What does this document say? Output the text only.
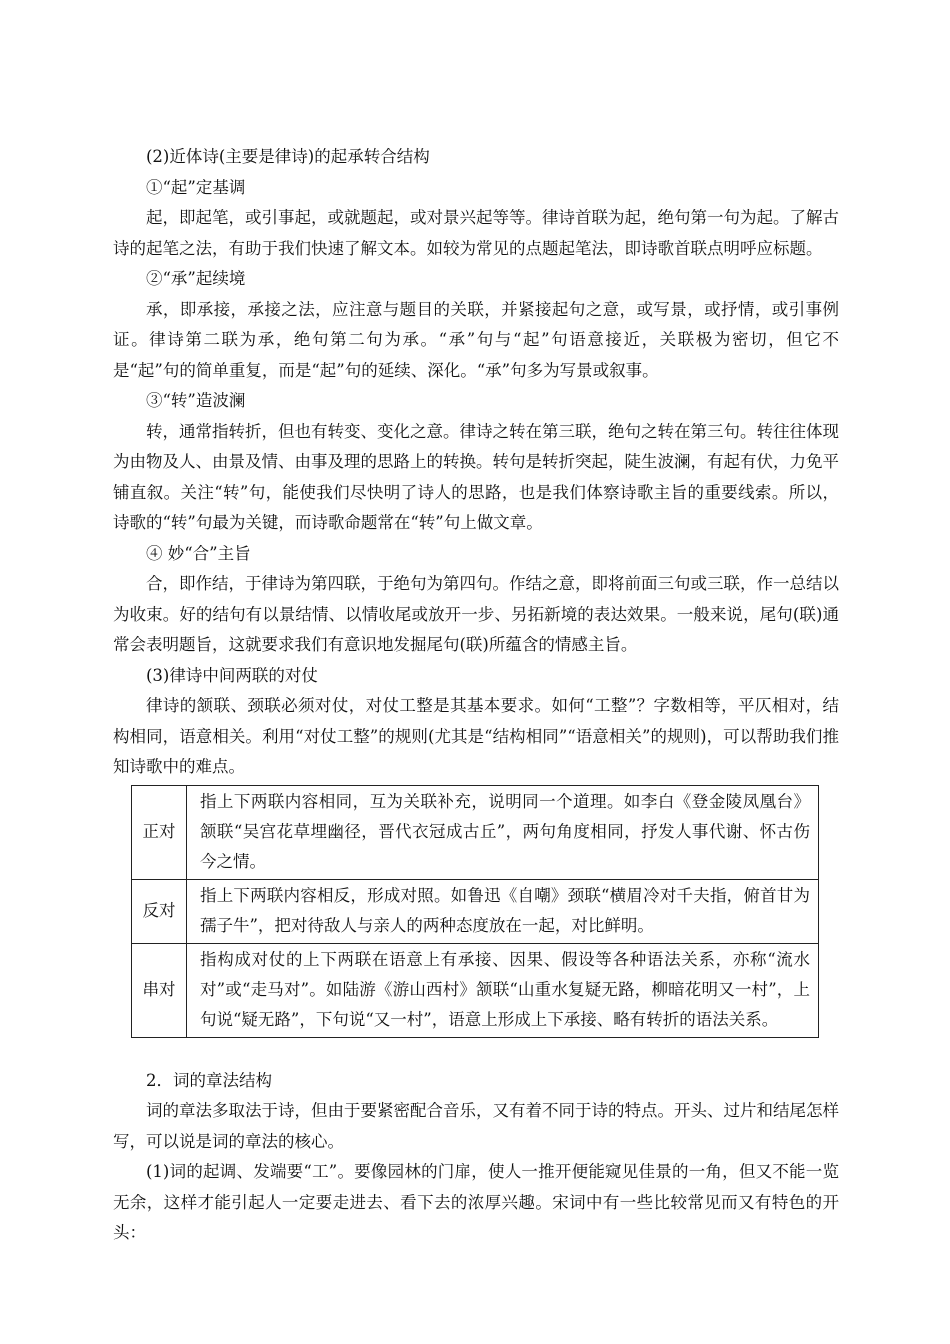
(2)近体诗(主要是律诗)的起承转合结构

①“起”定基调

起，即起笔，或引事起，或就题起，或对景兴起等等。律诗首联为起，绝句第一句为起。了解古诗的起笔之法，有助于我们快速了解文本。如较为常见的点题起笔法，即诗歌首联点明呼应标题。

②“承”起续境

承，即承接，承接之法，应注意与题目的关联，并紧接起句之意，或写景，或抒情，或引事例证。律诗第二联为承，绝句第二句为承。“承”句与“起”句语意接近，关联极为密切，但它不是“起”句的简单重复，而是“起”句的延续、深化。“承”句多为写景或叙事。

③“转”造波澜

转，通常指转折，但也有转变、变化之意。律诗之转在第三联，绝句之转在第三句。转往往体现为由物及人、由景及情、由事及理的思路上的转换。转句是转折突起，陡生波澜，有起有伏，力免平铺直叙。关注“转”句，能使我们尽快明了诗人的思路，也是我们体察诗歌主旨的重要线索。所以，诗歌的“转”句最为关键，而诗歌命题常在“转”句上做文章。

④ 妙“合”主旨

合，即作结，于律诗为第四联，于绝句为第四句。作结之意，即将前面三句或三联，作一总结以为收束。好的结句有以景结情、以情收尾或放开一步、另拓新境的表达效果。一般来说，尾句(联)通常会表明题旨，这就要求我们有意识地发掘尾句(联)所蕴含的情感主旨。

(3)律诗中间两联的对仗

律诗的颔联、颈联必须对仗，对仗工整是其基本要求。如何“工整”？字数相等，平仄相对，结构相同，语意相关。利用“对仗工整”的规则(尤其是“结构相同”“语意相关”的规则)，可以帮助我们推知诗歌中的难点。

正对	指上下两联内容相同，互为关联补充，说明同一个道理。如李白《登金陵凤凰台》颔联“吴宫花草埋幽径，晋代衣冠成古丘”，两句角度相同，抒发人事代谢、怀古伤今之情。
反对	指上下两联内容相反，形成对照。如鲁迅《自嘲》颈联“横眉冷对千夫指，俯首甘为孺子牛”，把对待敌人与亲人的两种态度放在一起，对比鲜明。
串对	指构成对仗的上下两联在语意上有承接、因果、假设等各种语法关系，亦称“流水对”或“走马对”。如陆游《游山西村》颔联“山重水复疑无路，柳暗花明又一村”，上句说“疑无路”，下句说“又一村”，语意上形成上下承接、略有转折的语法关系。

2．词的章法结构

词的章法多取法于诗，但由于要紧密配合音乐，又有着不同于诗的特点。开头、过片和结尾怎样写，可以说是词的章法的核心。

(1)词的起调、发端要“工”。要像园林的门扉，使人一推开便能窥见佳景的一角，但又不能一览无余，这样才能引起人一定要走进去、看下去的浓厚兴趣。宋词中有一些比较常见而又有特色的开头：
